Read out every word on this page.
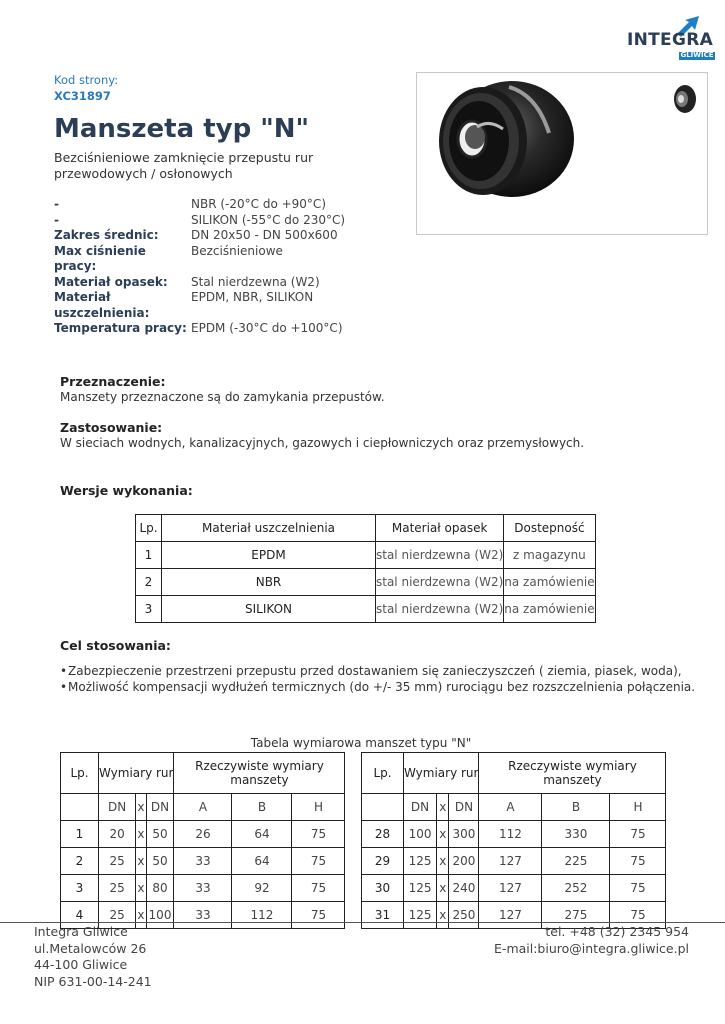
INTEGRA
GLIWICE
Kod strony:
XC31897
Manszeta typ "N"
Bezciśnieniowe zamknięcie przepustu rur przewodowych / osłonowych
-	NBR (-20°C do +90°C)
-	SILIKON (-55°C do 230°C)
Zakres średnic:	DN 20x50 - DN 500x600
Max ciśnienie pracy:	Bezciśnieniowe
Materiał opasek:	Stal nierdzewna (W2)
Materiał uszczelnienia:	EPDM, NBR, SILIKON
Temperatura pracy:	EPDM (-30°C do +100°C)
Przeznaczenie:
Manszety przeznaczone są do zamykania przepustów.
Zastosowanie:
W sieciach wodnych, kanalizacyjnych, gazowych i ciepłowniczych oraz przemysłowych.
Wersje wykonania:
Lp.	Materiał uszczelnienia	Materiał opasek	Dostepność
1	EPDM	stal nierdzewna (W2)	z magazynu
2	NBR	stal nierdzewna (W2)	na zamówienie
3	SILIKON	stal nierdzewna (W2)	na zamówienie
Cel stosowania:
•Zabezpieczenie przestrzeni przepustu przed dostawaniem się zanieczyszczeń ( ziemia, piasek, woda),
•Możliwość kompensacji wydłużeń termicznych (do +/- 35 mm) rurociągu bez rozszczelnienia połączenia.
Tabela wymiarowa manszet typu "N"
Lp.	Wymiary rur			Rzeczywiste wymiary
manszety		
	DN	x	DN	A	B	H
1	20	x	50	26	64	75
2	25	x	50	33	64	75
3	25	x	80	33	92	75
4	25	x	100	33	112	75
Lp.	Wymiary rur			Rzeczywiste wymiary
manszety		
	DN	x	DN	A	B	H
28	100	x	300	112	330	75
29	125	x	200	127	225	75
30	125	x	240	127	252	75
31	125	x	250	127	275	75
Integra Gliwice
ul.Metalowców 26
44-100 Gliwice
NIP 631-00-14-241
tel. +48 (32) 2345 954
E-mail:biuro@integra.gliwice.pl
